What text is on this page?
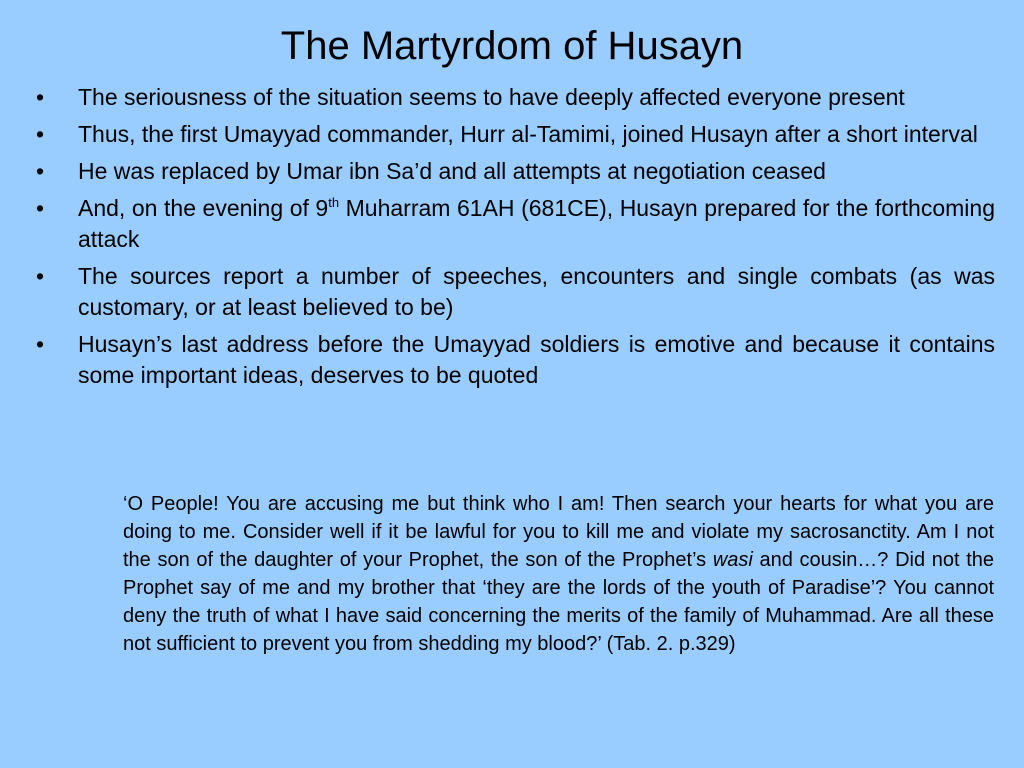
The Martyrdom of Husayn
• The seriousness of the situation seems to have deeply affected everyone present
• Thus, the first Umayyad commander, Hurr al-Tamimi, joined Husayn after a short interval
• He was replaced by Umar ibn Sa’d and all attempts at negotiation ceased
• And, on the evening of 9th Muharram 61AH (681CE), Husayn prepared for the forthcoming attack
• The sources report a number of speeches, encounters and single combats (as was customary, or at least believed to be)
• Husayn’s last address before the Umayyad soldiers is emotive and because it contains some important ideas, deserves to be quoted

‘O People! You are accusing me but think who I am! Then search your hearts for what you are doing to me. Consider well if it be lawful for you to kill me and violate my sacrosanctity. Am I not the son of the daughter of your Prophet, the son of the Prophet’s wasi and cousin…? Did not the Prophet say of me and my brother that ‘they are the lords of the youth of Paradise’? You cannot deny the truth of what I have said concerning the merits of the family of Muhammad. Are all these not sufficient to prevent you from shedding my blood?’ (Tab. 2. p.329)
